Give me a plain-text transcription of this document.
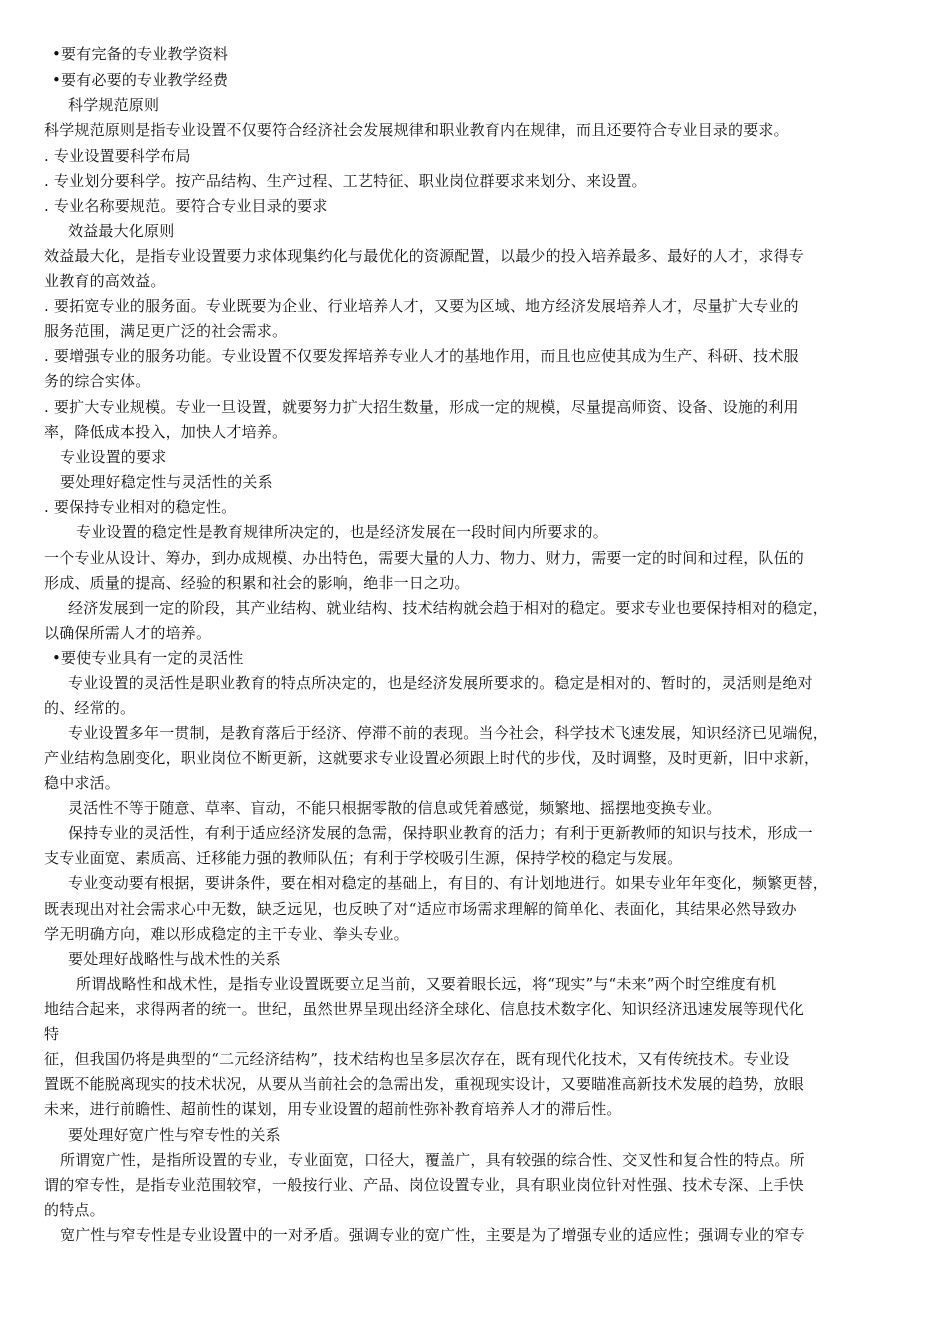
•要有完备的专业教学资料
•要有必要的专业教学经费
科学规范原则
科学规范原则是指专业设置不仅要符合经济社会发展规律和职业教育内在规律，而且还要符合专业目录的要求。
. 专业设置要科学布局
. 专业划分要科学。按产品结构、生产过程、工艺特征、职业岗位群要求来划分、来设置。
. 专业名称要规范。要符合专业目录的要求
效益最大化原则
效益最大化，是指专业设置要力求体现集约化与最优化的资源配置，以最少的投入培养最多、最好的人才，求得专
业教育的高效益。
. 要拓宽专业的服务面。专业既要为企业、行业培养人才，又要为区域、地方经济发展培养人才，尽量扩大专业的
服务范围，满足更广泛的社会需求。
. 要增强专业的服务功能。专业设置不仅要发挥培养专业人才的基地作用，而且也应使其成为生产、科研、技术服
务的综合实体。
. 要扩大专业规模。专业一旦设置，就要努力扩大招生数量，形成一定的规模，尽量提高师资、设备、设施的利用
率，降低成本投入，加快人才培养。
专业设置的要求
要处理好稳定性与灵活性的关系
. 要保持专业相对的稳定性。
专业设置的稳定性是教育规律所决定的，也是经济发展在一段时间内所要求的。
一个专业从设计、筹办，到办成规模、办出特色，需要大量的人力、物力、财力，需要一定的时间和过程，队伍的
形成、质量的提高、经验的积累和社会的影响，绝非一日之功。
经济发展到一定的阶段，其产业结构、就业结构、技术结构就会趋于相对的稳定。要求专业也要保持相对的稳定，
以确保所需人才的培养。
•要使专业具有一定的灵活性
专业设置的灵活性是职业教育的特点所决定的，也是经济发展所要求的。稳定是相对的、暂时的，灵活则是绝对
的、经常的。
专业设置多年一贯制，是教育落后于经济、停滞不前的表现。当今社会，科学技术飞速发展，知识经济已见端倪，
产业结构急剧变化，职业岗位不断更新，这就要求专业设置必须跟上时代的步伐，及时调整，及时更新，旧中求新，
稳中求活。
灵活性不等于随意、草率、盲动，不能只根据零散的信息或凭着感觉，频繁地、摇摆地变换专业。
保持专业的灵活性，有利于适应经济发展的急需，保持职业教育的活力；有利于更新教师的知识与技术，形成一
支专业面宽、素质高、迁移能力强的教师队伍；有利于学校吸引生源，保持学校的稳定与发展。
专业变动要有根据，要讲条件，要在相对稳定的基础上，有目的、有计划地进行。如果专业年年变化，频繁更替，
既表现出对社会需求心中无数，缺乏远见，也反映了对“适应市场需求理解的简单化、表面化，其结果必然导致办
学无明确方向，难以形成稳定的主干专业、拳头专业。
要处理好战略性与战术性的关系
所谓战略性和战术性，是指专业设置既要立足当前，又要着眼长远，将“现实”与“未来”两个时空维度有机
地结合起来，求得两者的统一。世纪，虽然世界呈现出经济全球化、信息技术数字化、知识经济迅速发展等现代化
特
征，但我国仍将是典型的“二元经济结构”，技术结构也呈多层次存在，既有现代化技术，又有传统技术。专业设
置既不能脱离现实的技术状况，从要从当前社会的急需出发，重视现实设计，又要瞄准高新技术发展的趋势，放眼
未来，进行前瞻性、超前性的谋划，用专业设置的超前性弥补教育培养人才的滞后性。
要处理好宽广性与窄专性的关系
所谓宽广性，是指所设置的专业，专业面宽，口径大，覆盖广，具有较强的综合性、交叉性和复合性的特点。所
谓的窄专性，是指专业范围较窄，一般按行业、产品、岗位设置专业，具有职业岗位针对性强、技术专深、上手快
的特点。
宽广性与窄专性是专业设置中的一对矛盾。强调专业的宽广性，主要是为了增强专业的适应性；强调专业的窄专
